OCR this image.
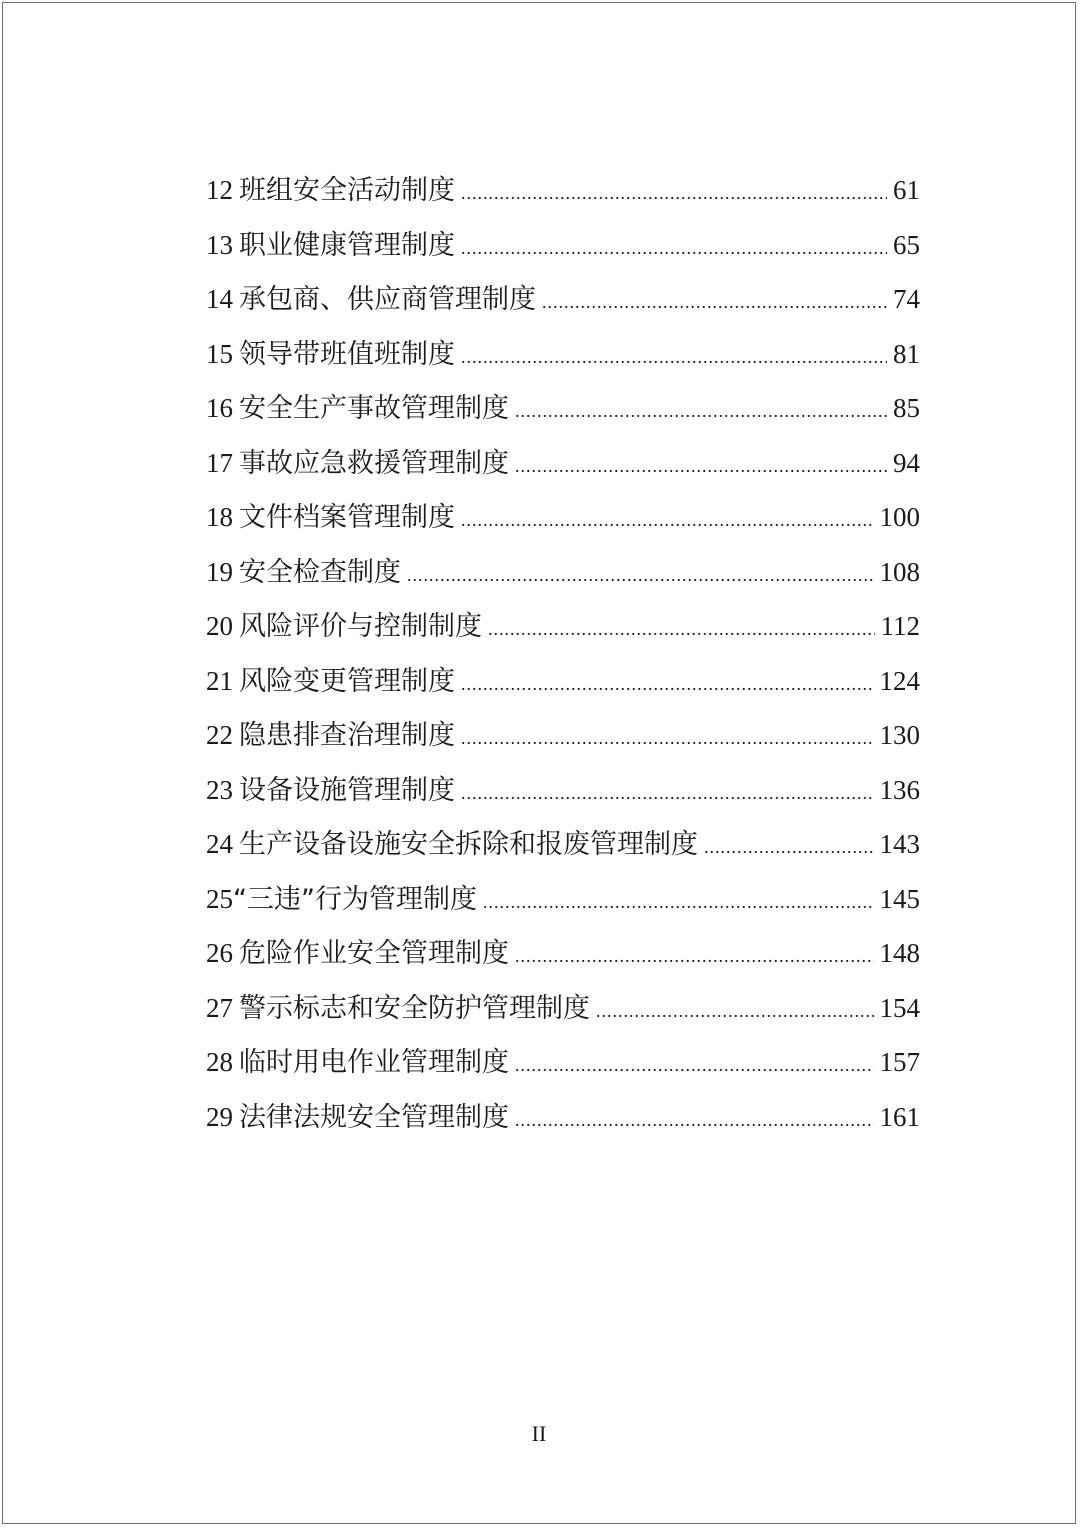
12 班组安全活动制度 .....	61
13 职业健康管理制度 .....	65
14 承包商、供应商管理制度 .....	74
15 领导带班值班制度 .....	81
16 安全生产事故管理制度 .....	85
17 事故应急救援管理制度 .....	94
18 文件档案管理制度 .....	100
19 安全检查制度 .....	108
20 风险评价与控制制度 .....	112
21 风险变更管理制度 .....	124
22 隐患排查治理制度 .....	130
23 设备设施管理制度 .....	136
24 生产设备设施安全拆除和报废管理制度 .....	143
25 “三违”行为管理制度 .....	145
26 危险作业安全管理制度 .....	148
27 警示标志和安全防护管理制度 .....	154
28 临时用电作业管理制度 .....	157
29 法律法规安全管理制度 .....	161
II
